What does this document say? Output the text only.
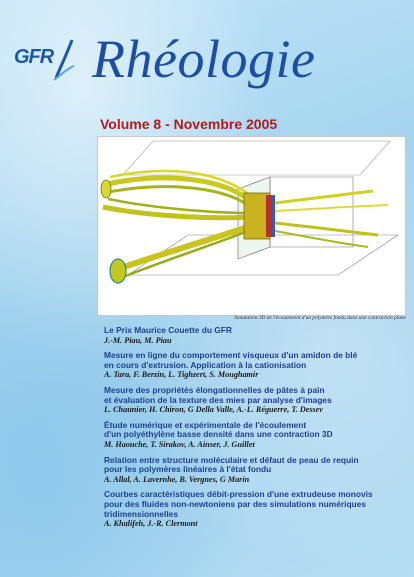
GFR Rhéologie
Volume 8 - Novembre 2005
Simulation 3D de l'écoulement d'un polymère fondu dans une contraction plane
Le Prix Maurice Couette du GFR
J.-M. Piau, M. Piau
Mesure en ligne du comportement visqueux d'un amidon de blé
en cours d'extrusion. Application à la cationisation
A. Tara, F. Berzin, L. Tighzert, S. Moughamir
Mesure des propriétés élongationnelles de pâtes à pain
et évaluation de la texture des mies par analyse d'images
L. Chaunier, H. Chiron, G Della Valle, A.-L. Réguerre, T. Dessev
Étude numérique et expérimentale de l'écoulement
d'un polyéthylène basse densité dans une contraction 3D
M. Haouche, T. Sirakov, A. Ainser, J. Guillet
Relation entre structure moléculaire et défaut de peau de requin
pour les polymères linéaires à l'état fondu
A. Allal, A. Lavernhe, B. Vergnes, G Marin
Courbes caractéristiques débit-pression d'une extrudeuse monovis
pour des fluides non-newtoniens par des simulations numériques
tridimensionnelles
A. Khalifeh, J.-R. Clermont
